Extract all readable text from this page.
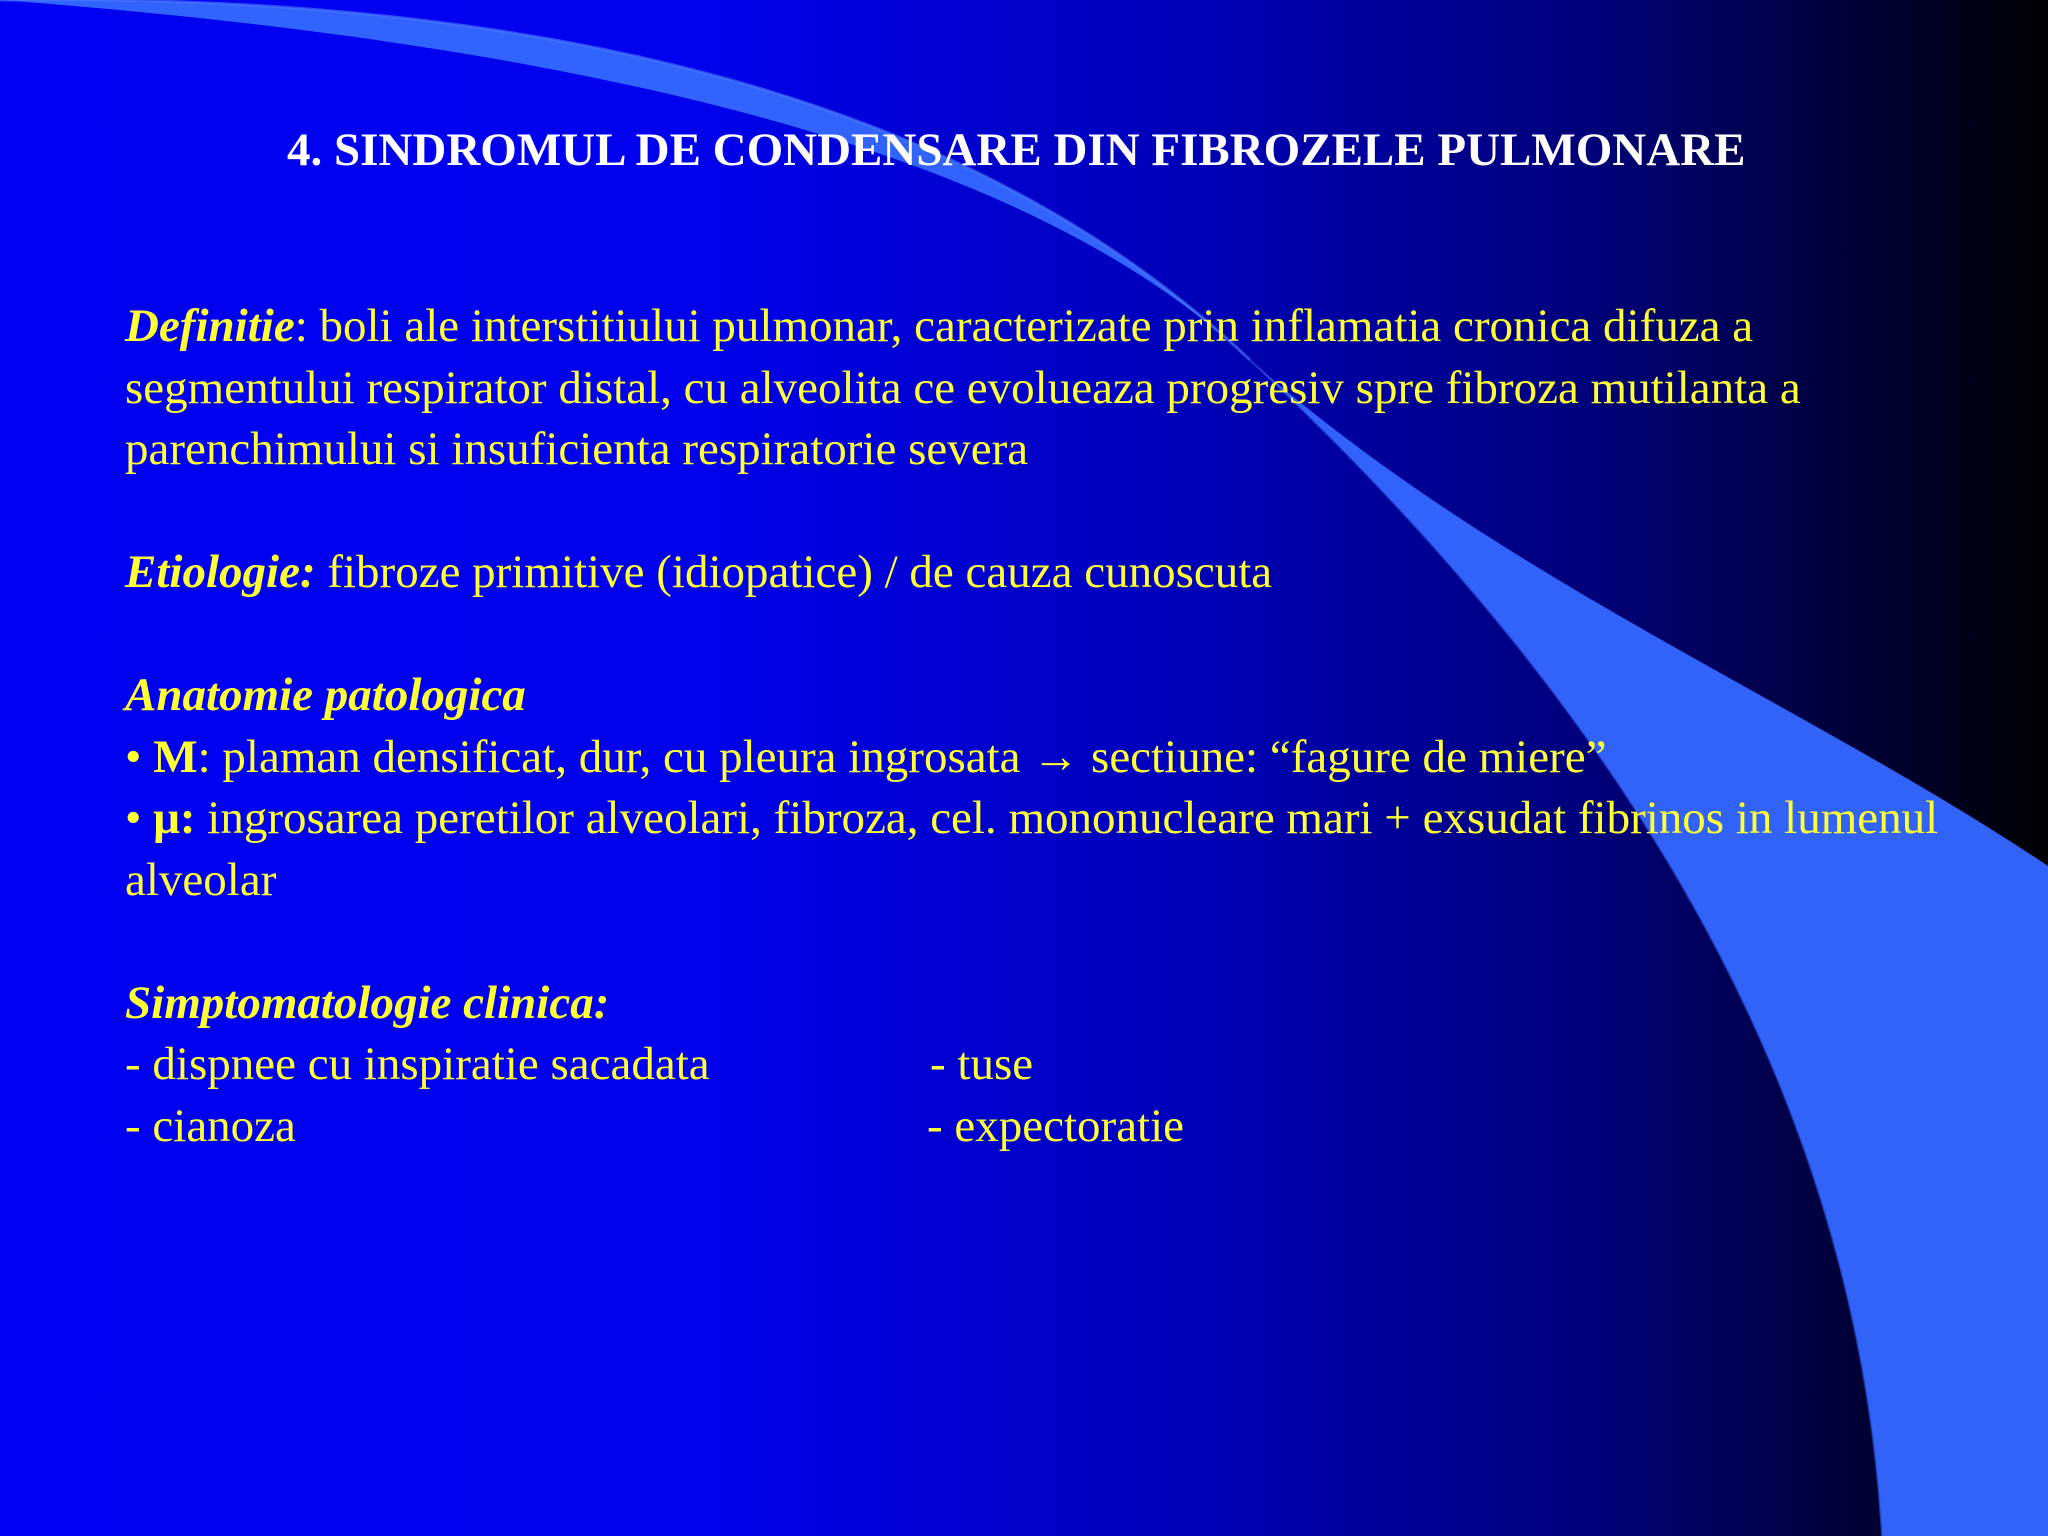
4. SINDROMUL DE CONDENSARE DIN FIBROZELE PULMONARE

Definitie: boli ale interstitiului pulmonar, caracterizate prin inflamatia cronica difuza a segmentului respirator distal, cu alveolita ce evolueaza progresiv spre fibroza mutilanta a parenchimului si insuficienta respiratorie severa

Etiologie: fibroze primitive (idiopatice) / de cauza cunoscuta

Anatomie patologica

• M: plaman densificat, dur, cu pleura ingrosata → sectiune: “fagure de miere”

• μ: ingrosarea peretilor alveolari, fibroza, cel. mononucleare mari + exsudat fibrinos in lumenul alveolar

Simptomatologie clinica:

- dispnee cu inspiratie sacadata	- tuse
- cianoza	- expectoratie
